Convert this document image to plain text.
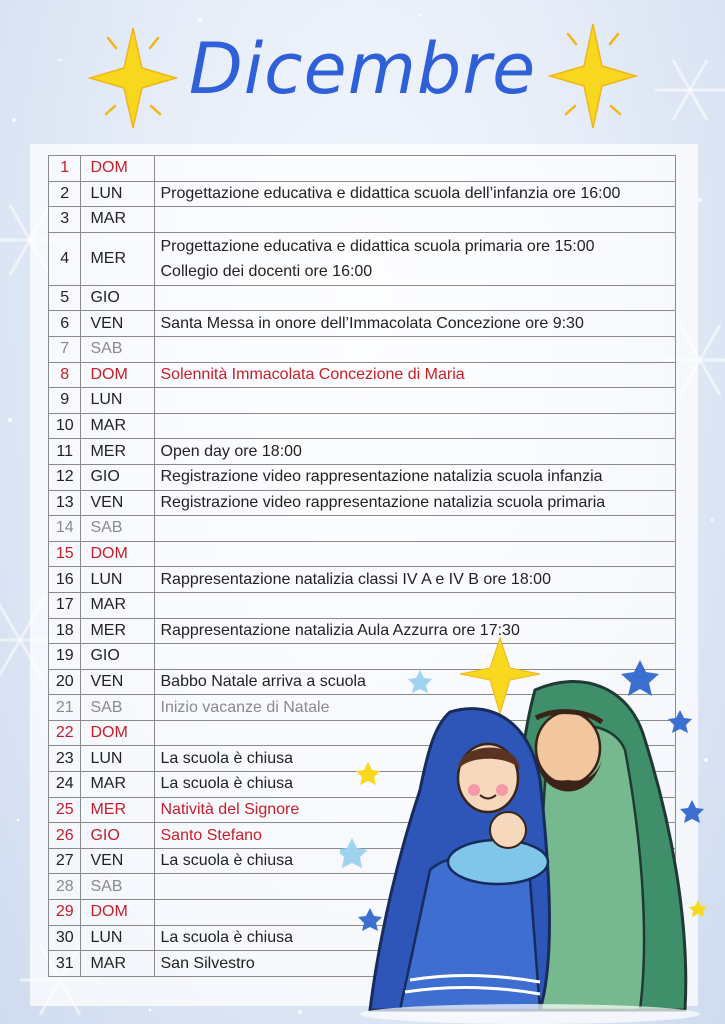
Dicembre
1	DOM	
2	LUN	Progettazione educativa e didattica scuola dell’infanzia ore 16:00
3	MAR	
4	MER	Progettazione educativa e didattica scuola primaria ore 15:00
Collegio dei docenti ore 16:00

5	GIO	
6	VEN	Santa Messa in onore dell’Immacolata Concezione ore 9:30
7	SAB	
8	DOM	Solennità Immacolata Concezione di Maria
9	LUN	
10	MAR	
11	MER	Open day ore 18:00
12	GIO	Registrazione video rappresentazione natalizia scuola infanzia
13	VEN	Registrazione video rappresentazione natalizia scuola primaria
14	SAB	
15	DOM	
16	LUN	Rappresentazione natalizia classi IV A e IV B ore 18:00
17	MAR	
18	MER	Rappresentazione natalizia Aula Azzurra ore 17:30
19	GIO	
20	VEN	Babbo Natale arriva a scuola
21	SAB	Inizio vacanze di Natale
22	DOM	
23	LUN	La scuola è chiusa
24	MAR	La scuola è chiusa
25	MER	Natività del Signore
26	GIO	Santo Stefano
27	VEN	La scuola è chiusa
28	SAB	
29	DOM	
30	LUN	La scuola è chiusa
31	MAR	San Silvestro
